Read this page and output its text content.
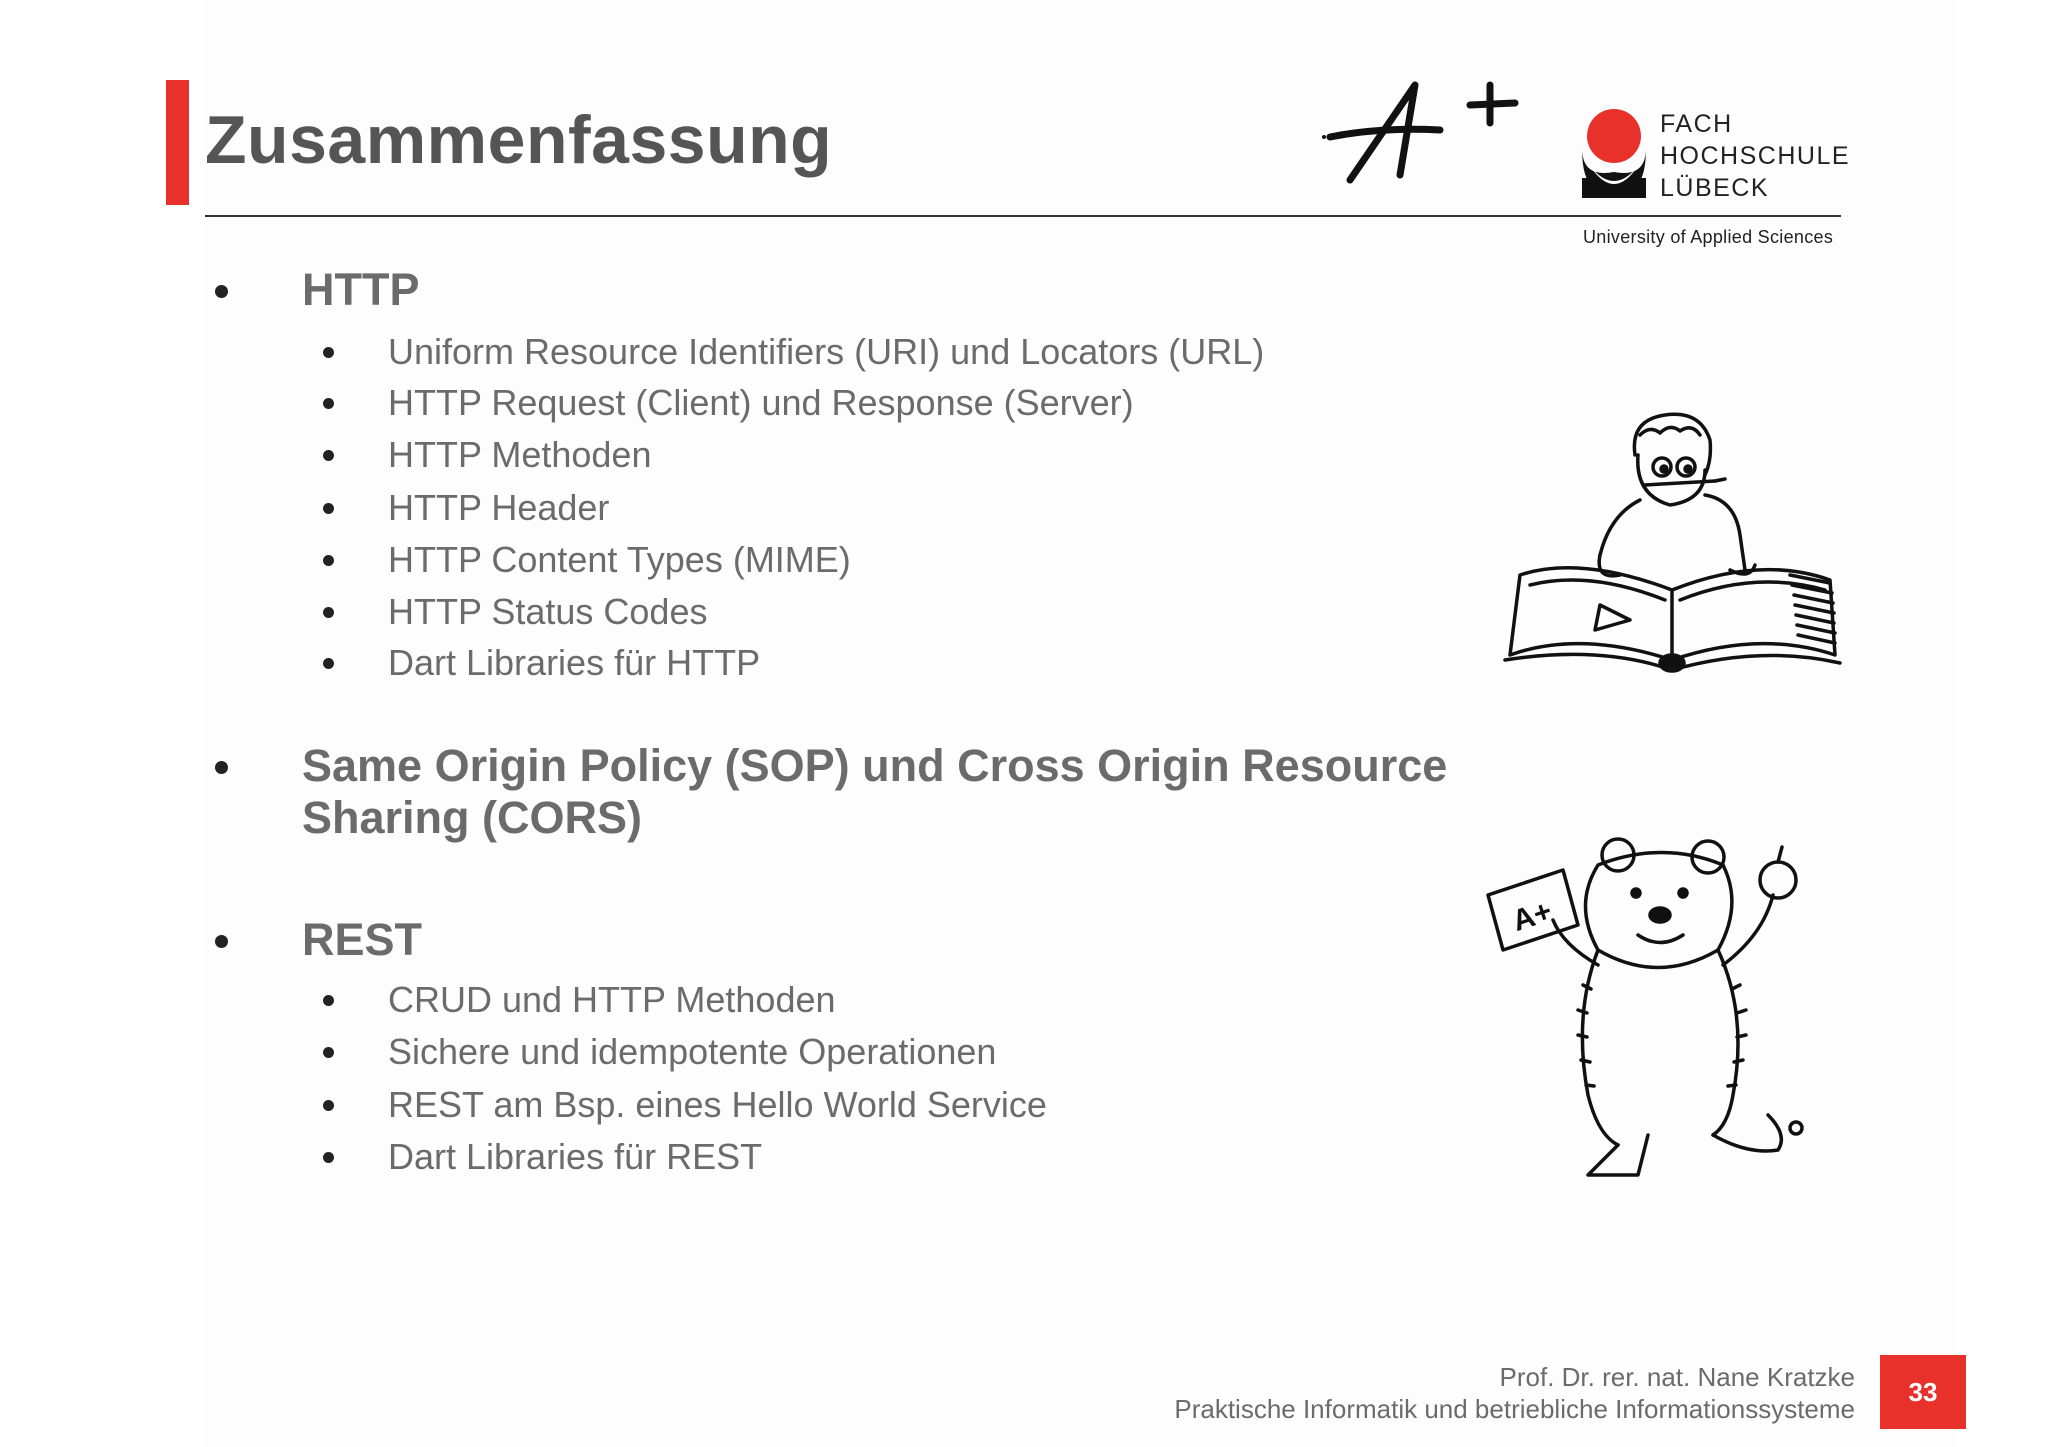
Zusammenfassung	FACH
HOCHSCHULE
LÜBECK
University of Applied Sciences
HTTP
Uniform Resource Identifiers (URI) und Locators (URL)
HTTP Request (Client) und Response (Server)
HTTP Methoden
HTTP Header
HTTP Content Types (MIME)
HTTP Status Codes
Dart Libraries für HTTP
Same Origin Policy (SOP) und Cross Origin Resource
Sharing (CORS)
REST
CRUD und HTTP Methoden
Sichere und idempotente Operationen
REST am Bsp. eines Hello World Service
Dart Libraries für REST
A+
Prof. Dr. rer. nat. Nane Kratzke
Praktische Informatik und betriebliche Informationssysteme
33
